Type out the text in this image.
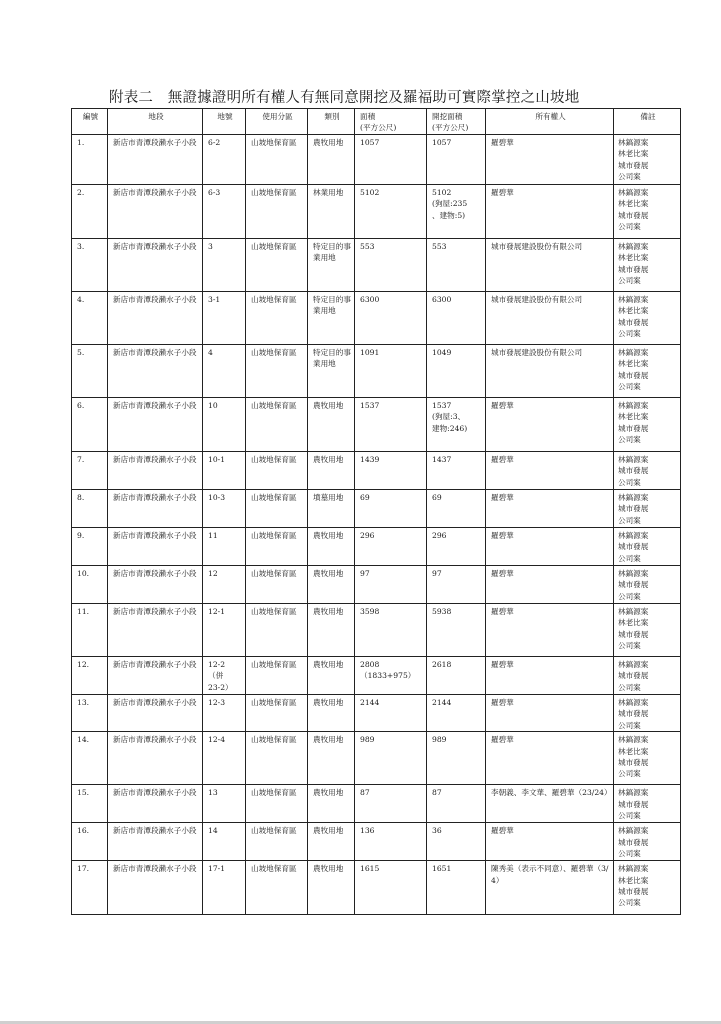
附表二　無證據證明所有權人有無同意開挖及羅福助可實際掌控之山坡地
編號	地段	地號	使用分區	類別	面積
(平方公尺)	開挖面積
(平方公尺)	所有權人	備註
1.	新店市青潭段瀨水子小段	6-2	山坡地保育區	農牧用地	1057	1057	羅碧華	林鎬源案
林老比案
城市發展
公司案

2.	新店市青潭段瀨水子小段	6-3	山坡地保育區	林業用地	5102	5102
(狗屋:235
、建物:5)	羅碧華	林鎬源案
林老比案
城市發展
公司案

3.	新店市青潭段瀨水子小段	3	山坡地保育區	特定目的事業用地	553	553	城市發展建設股份有限公司	林鎬源案
林老比案
城市發展
公司案

4.	新店市青潭段瀨水子小段	3-1	山坡地保育區	特定目的事業用地	6300	6300	城市發展建設股份有限公司	林鎬源案
林老比案
城市發展
公司案

5.	新店市青潭段瀨水子小段	4	山坡地保育區	特定目的事業用地	1091	1049	城市發展建設股份有限公司	林鎬源案
林老比案
城市發展
公司案

6.	新店市青潭段瀨水子小段	10	山坡地保育區	農牧用地	1537	1537
(狗屋:3、
建物:246)	羅碧華	林鎬源案
林老比案
城市發展
公司案

7.	新店市青潭段瀨水子小段	10-1	山坡地保育區	農牧用地	1439	1437	羅碧華	林鎬源案
城市發展
公司案

8.	新店市青潭段瀨水子小段	10-3	山坡地保育區	墳墓用地	69	69	羅碧華	林鎬源案
城市發展
公司案

9.	新店市青潭段瀨水子小段	11	山坡地保育區	農牧用地	296	296	羅碧華	林鎬源案
城市發展
公司案

10.	新店市青潭段瀨水子小段	12	山坡地保育區	農牧用地	97	97	羅碧華	林鎬源案
城市發展
公司案

11.	新店市青潭段瀨水子小段	12-1	山坡地保育區	農牧用地	3598	5938	羅碧華	林鎬源案
林老比案
城市發展
公司案

12.	新店市青潭段瀨水子小段	12-2
（併
23-2）	山坡地保育區	農牧用地	2808
（1833+975）	2618	羅碧華	林鎬源案
城市發展
公司案

13.	新店市青潭段瀨水子小段	12-3	山坡地保育區	農牧用地	2144	2144	羅碧華	林鎬源案
城市發展
公司案

14.	新店市青潭段瀨水子小段	12-4	山坡地保育區	農牧用地	989	989	羅碧華	林鎬源案
林老比案
城市發展
公司案

15.	新店市青潭段瀨水子小段	13	山坡地保育區	農牧用地	87	87	李朝義、李文華、羅碧華（23/24）	林鎬源案
城市發展
公司案

16.	新店市青潭段瀨水子小段	14	山坡地保育區	農牧用地	136	36	羅碧華	林鎬源案
城市發展
公司案

17.	新店市青潭段瀨水子小段	17-1	山坡地保育區	農牧用地	1615	1651	陳秀美（表示不同意）、羅碧華（3/4）	林鎬源案
林老比案
城市發展
公司案
